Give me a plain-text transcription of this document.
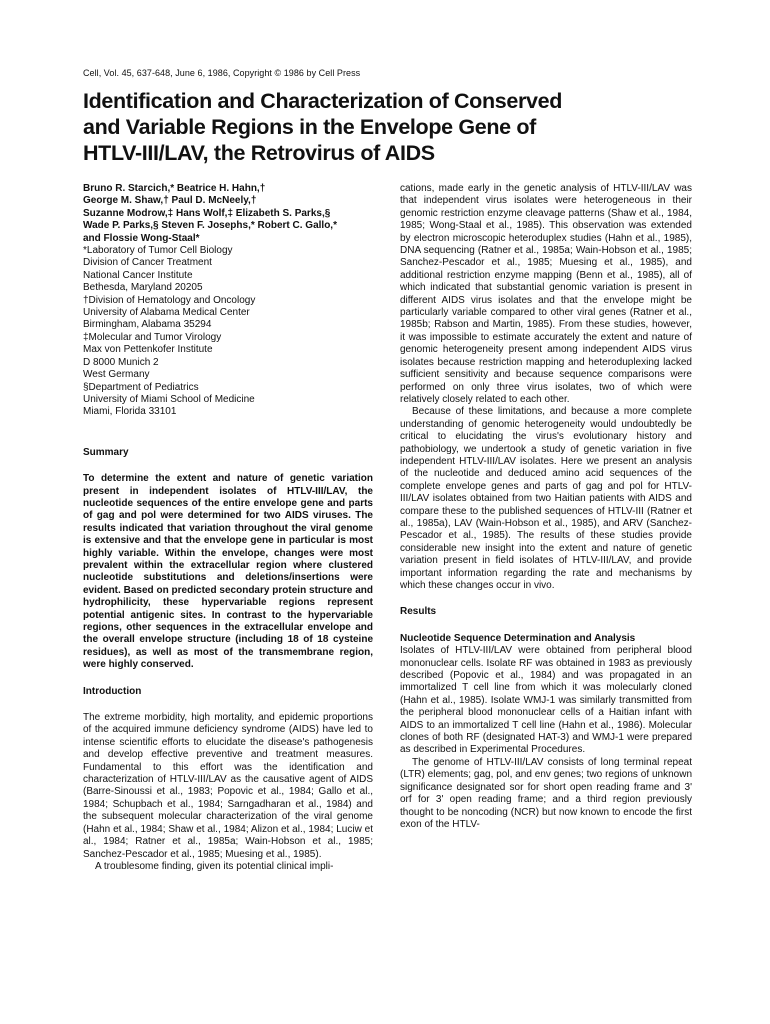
Cell, Vol. 45, 637-648, June 6, 1986, Copyright © 1986 by Cell Press
Identification and Characterization of Conserved
and Variable Regions in the Envelope Gene of
HTLV-III/LAV, the Retrovirus of AIDS
Bruno R. Starcich,* Beatrice H. Hahn,†
George M. Shaw,† Paul D. McNeely,†
Suzanne Modrow,‡ Hans Wolf,‡ Elizabeth S. Parks,§
Wade P. Parks,§ Steven F. Josephs,* Robert C. Gallo,*
and Flossie Wong-Staal*
*Laboratory of Tumor Cell Biology
Division of Cancer Treatment
National Cancer Institute
Bethesda, Maryland 20205
†Division of Hematology and Oncology
University of Alabama Medical Center
Birmingham, Alabama 35294
‡Molecular and Tumor Virology
Max von Pettenkofer Institute
D 8000 Munich 2
West Germany
§Department of Pediatrics
University of Miami School of Medicine
Miami, Florida 33101
Summary

To determine the extent and nature of genetic variation present in independent isolates of HTLV-III/LAV, the nucleotide sequences of the entire envelope gene and parts of gag and pol were determined for two AIDS viruses. The results indicated that variation throughout the viral genome is extensive and that the envelope gene in particular is most highly variable. Within the envelope, changes were most prevalent within the extracellular region where clustered nucleotide substitutions and deletions/insertions were evident. Based on predicted secondary protein structure and hydrophilicity, these hypervariable regions represent potential antigenic sites. In contrast to the hypervariable regions, other sequences in the extracellular envelope and the overall envelope structure (including 18 of 18 cysteine residues), as well as most of the transmembrane region, were highly conserved.

Introduction

The extreme morbidity, high mortality, and epidemic proportions of the acquired immune deficiency syndrome (AIDS) have led to intense scientific efforts to elucidate the disease's pathogenesis and develop effective preventive and treatment measures. Fundamental to this effort was the identification and characterization of HTLV-III/LAV as the causative agent of AIDS (Barre-Sinoussi et al., 1983; Popovic et al., 1984; Gallo et al., 1984; Schupbach et al., 1984; Sarngadharan et al., 1984) and the subsequent molecular characterization of the viral genome (Hahn et al., 1984; Shaw et al., 1984; Alizon et al., 1984; Luciw et al., 1984; Ratner et al., 1985a; Wain-Hobson et al., 1985; Sanchez-Pescador et al., 1985; Muesing et al., 1985).

A troublesome finding, given its potential clinical impli-

cations, made early in the genetic analysis of HTLV-III/LAV was that independent virus isolates were heterogeneous in their genomic restriction enzyme cleavage patterns (Shaw et al., 1984, 1985; Wong-Staal et al., 1985). This observation was extended by electron microscopic heteroduplex studies (Hahn et al., 1985), DNA sequencing (Ratner et al., 1985a; Wain-Hobson et al., 1985; Sanchez-Pescador et al., 1985; Muesing et al., 1985), and additional restriction enzyme mapping (Benn et al., 1985), all of which indicated that substantial genomic variation is present in different AIDS virus isolates and that the envelope might be particularly variable compared to other viral genes (Ratner et al., 1985b; Rabson and Martin, 1985). From these studies, however, it was impossible to estimate accurately the extent and nature of genomic heterogeneity present among independent AIDS virus isolates because restriction mapping and heteroduplexing lacked sufficient sensitivity and because sequence comparisons were performed on only three virus isolates, two of which were relatively closely related to each other.

Because of these limitations, and because a more complete understanding of genomic heterogeneity would undoubtedly be critical to elucidating the virus's evolutionary history and pathobiology, we undertook a study of genetic variation in five independent HTLV-III/LAV isolates. Here we present an analysis of the nucleotide and deduced amino acid sequences of the complete envelope genes and parts of gag and pol for HTLV-III/LAV isolates obtained from two Haitian patients with AIDS and compare these to the published sequences of HTLV-III (Ratner et al., 1985a), LAV (Wain-Hobson et al., 1985), and ARV (Sanchez-Pescador et al., 1985). The results of these studies provide considerable new insight into the extent and nature of genetic variation present in field isolates of HTLV-III/LAV, and provide important information regarding the rate and mechanisms by which these changes occur in vivo.

Results
Nucleotide Sequence Determination and Analysis

Isolates of HTLV-III/LAV were obtained from peripheral blood mononuclear cells. Isolate RF was obtained in 1983 as previously described (Popovic et al., 1984) and was propagated in an immortalized T cell line from which it was molecularly cloned (Hahn et al., 1985). Isolate WMJ-1 was similarly transmitted from the peripheral blood mononuclear cells of a Haitian infant with AIDS to an immortalized T cell line (Hahn et al., 1986). Molecular clones of both RF (designated HAT-3) and WMJ-1 were prepared as described in Experimental Procedures.

The genome of HTLV-III/LAV consists of long terminal repeat (LTR) elements; gag, pol, and env genes; two regions of unknown significance designated sor for short open reading frame and 3' orf for 3' open reading frame; and a third region previously thought to be noncoding (NCR) but now known to encode the first exon of the HTLV-
